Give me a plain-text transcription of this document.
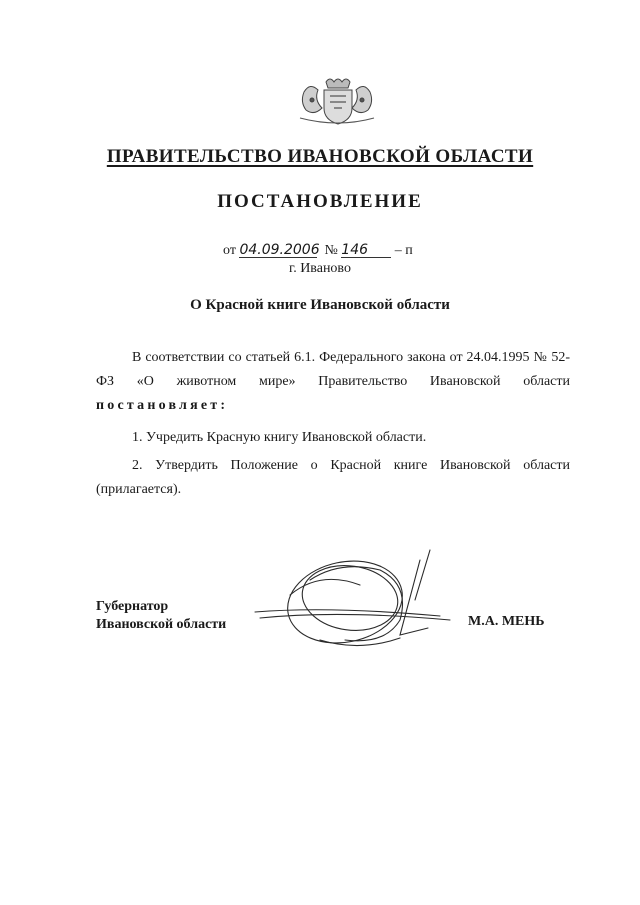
ПРАВИТЕЛЬСТВО ИВАНОВСКОЙ ОБЛАСТИ
ПОСТАНОВЛЕНИЕ
от 04.09.2006 № 146 – п
г. Иваново
О Красной книге Ивановской области
В соответствии со статьей 6.1. Федерального закона от 24.04.1995 № 52-ФЗ «О животном мире» Правительство Ивановской области постановляет:
1. Учредить Красную книгу Ивановской области.
2. Утвердить Положение о Красной книге Ивановской области (прилагается).
Губернатор
Ивановской области	М.А. МЕНЬ
